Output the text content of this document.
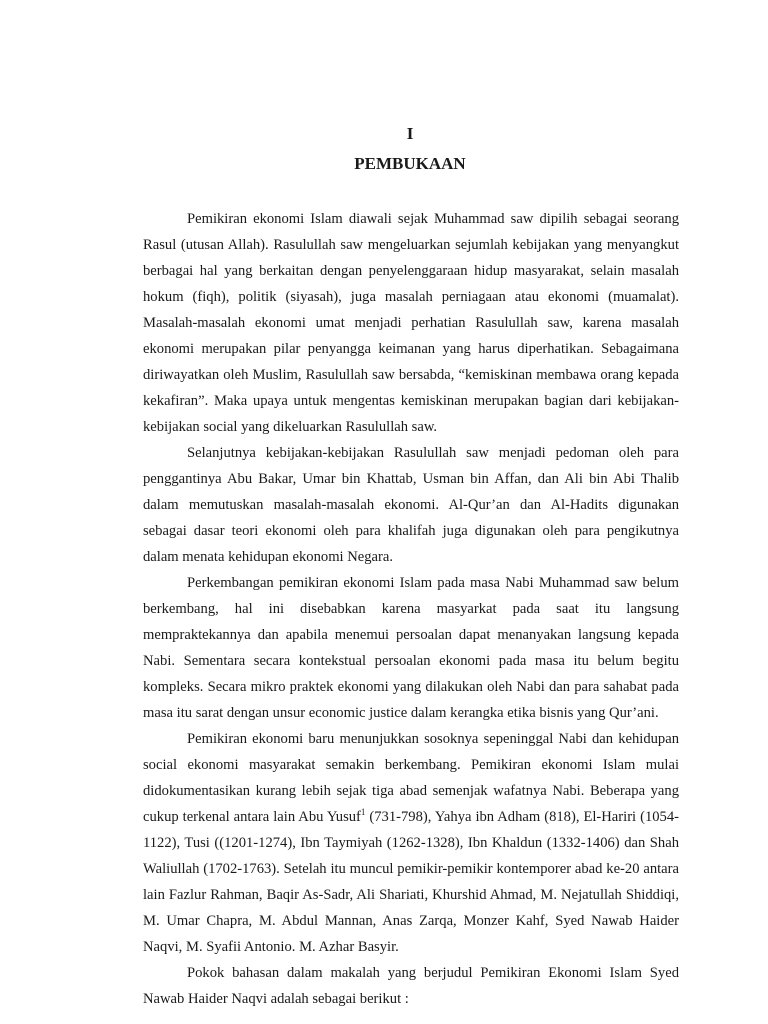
I
PEMBUKAAN

Pemikiran ekonomi Islam diawali sejak Muhammad saw dipilih sebagai seorang Rasul (utusan Allah). Rasulullah saw mengeluarkan sejumlah kebijakan yang menyangkut berbagai hal yang berkaitan dengan penyelenggaraan hidup masyarakat, selain masalah hokum (fiqh), politik (siyasah), juga masalah perniagaan atau ekonomi (muamalat). Masalah-masalah ekonomi umat menjadi perhatian Rasulullah saw, karena masalah ekonomi merupakan pilar penyangga keimanan yang harus diperhatikan. Sebagaimana diriwayatkan oleh Muslim, Rasulullah saw bersabda, “kemiskinan membawa orang kepada kekafiran”. Maka upaya untuk mengentas kemiskinan merupakan bagian dari kebijakan-kebijakan social yang dikeluarkan Rasulullah saw.

Selanjutnya kebijakan-kebijakan Rasulullah saw menjadi pedoman oleh para penggantinya Abu Bakar, Umar bin Khattab, Usman bin Affan, dan Ali bin Abi Thalib dalam memutuskan masalah-masalah ekonomi. Al-Qur’an dan Al-Hadits digunakan sebagai dasar teori ekonomi oleh para khalifah juga digunakan oleh para pengikutnya dalam menata kehidupan ekonomi Negara.

Perkembangan pemikiran ekonomi Islam pada masa Nabi Muhammad saw belum berkembang, hal ini disebabkan karena masyarkat pada saat itu langsung mempraktekannya dan apabila menemui persoalan dapat menanyakan langsung kepada Nabi. Sementara secara kontekstual persoalan ekonomi pada masa itu belum begitu kompleks. Secara mikro praktek ekonomi yang dilakukan oleh Nabi dan para sahabat pada masa itu sarat dengan unsur economic justice dalam kerangka etika bisnis yang Qur’ani.

Pemikiran ekonomi baru menunjukkan sosoknya sepeninggal Nabi dan kehidupan social ekonomi masyarakat semakin berkembang. Pemikiran ekonomi Islam mulai didokumentasikan kurang lebih sejak tiga abad semenjak wafatnya Nabi. Beberapa yang cukup terkenal antara lain Abu Yusuf$^1$ (731-798), Yahya ibn Adham (818), El-Hariri (1054-1122), Tusi ((1201-1274), Ibn Taymiyah (1262-1328), Ibn Khaldun (1332-1406) dan Shah Waliullah (1702-1763). Setelah itu muncul pemikir-pemikir kontemporer abad ke-20 antara lain Fazlur Rahman, Baqir As-Sadr, Ali Shariati, Khurshid Ahmad, M. Nejatullah Shiddiqi, M. Umar Chapra, M. Abdul Mannan, Anas Zarqa, Monzer Kahf, Syed Nawab Haider Naqvi, M. Syafii Antonio. M. Azhar Basyir.

Pokok bahasan dalam makalah yang berjudul Pemikiran Ekonomi Islam Syed Nawab Haider Naqvi adalah sebagai berikut :
